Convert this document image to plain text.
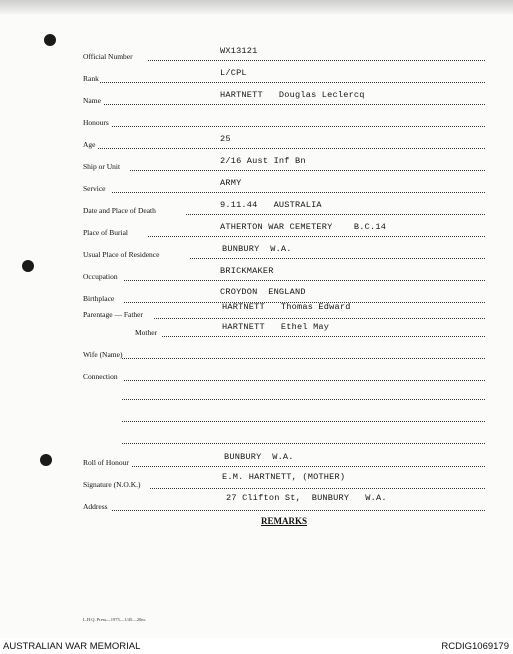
Official Number
WX13121
Rank
L/CPL
Name
HARTNETT   Douglas Leclercq
Honours
Age
25
Ship or Unit
2/16 Aust Inf Bn
Service
ARMY
Date and Place of Death
9.11.44   AUSTRALIA
Place of Burial
ATHERTON WAR CEMETERY    B.C.14
Usual Place of Residence
BUNBURY  W.A.
Occupation
BRICKMAKER
Birthplace
CROYDON  ENGLAND
Parentage — Father
HARTNETT   Thomas Edward
Mother
HARTNETT   Ethel May
Wife (Name)
Connection
Roll of Honour
BUNBURY  W.A.
Signature (N.O.K.)
E.M. HARTNETT, (MOTHER)
Address
27 Clifton St,  BUNBURY   W.A.
REMARKS
L.H.Q. Press—1975—1/45—20m.
AUSTRALIAN WAR MEMORIAL	RCDIG1069179
